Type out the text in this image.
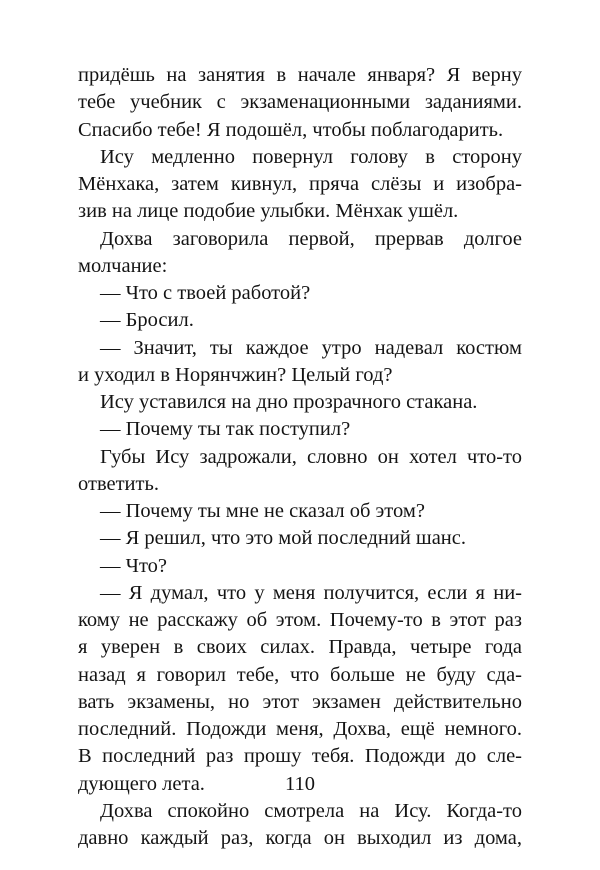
придёшь на занятия в начале января? Я верну
тебе учебник с экзаменационными заданиями.
Спасибо тебе! Я подошёл, чтобы поблагодарить.
Ису медленно повернул голову в сторону
Мёнхака, затем кивнул, пряча слёзы и изобра-
зив на лице подобие улыбки. Мёнхак ушёл.
Дохва заговорила первой, прервав долгое
молчание:
— Что с твоей работой?
— Бросил.
— Значит, ты каждое утро надевал костюм
и уходил в Норянчжин? Целый год?
Ису уставился на дно прозрачного стакана.
— Почему ты так поступил?
Губы Ису задрожали, словно он хотел что-то
ответить.
— Почему ты мне не сказал об этом?
— Я решил, что это мой последний шанс.
— Что?
— Я думал, что у меня получится, если я ни-
кому не расскажу об этом. Почему-то в этот раз
я уверен в своих силах. Правда, четыре года
назад я говорил тебе, что больше не буду сда-
вать экзамены, но этот экзамен действительно
последний. Подожди меня, Дохва, ещё немного.
В последний раз прошу тебя. Подожди до сле-
дующего лета.
Дохва спокойно смотрела на Ису. Когда-то
давно каждый раз, когда он выходил из дома,
110
